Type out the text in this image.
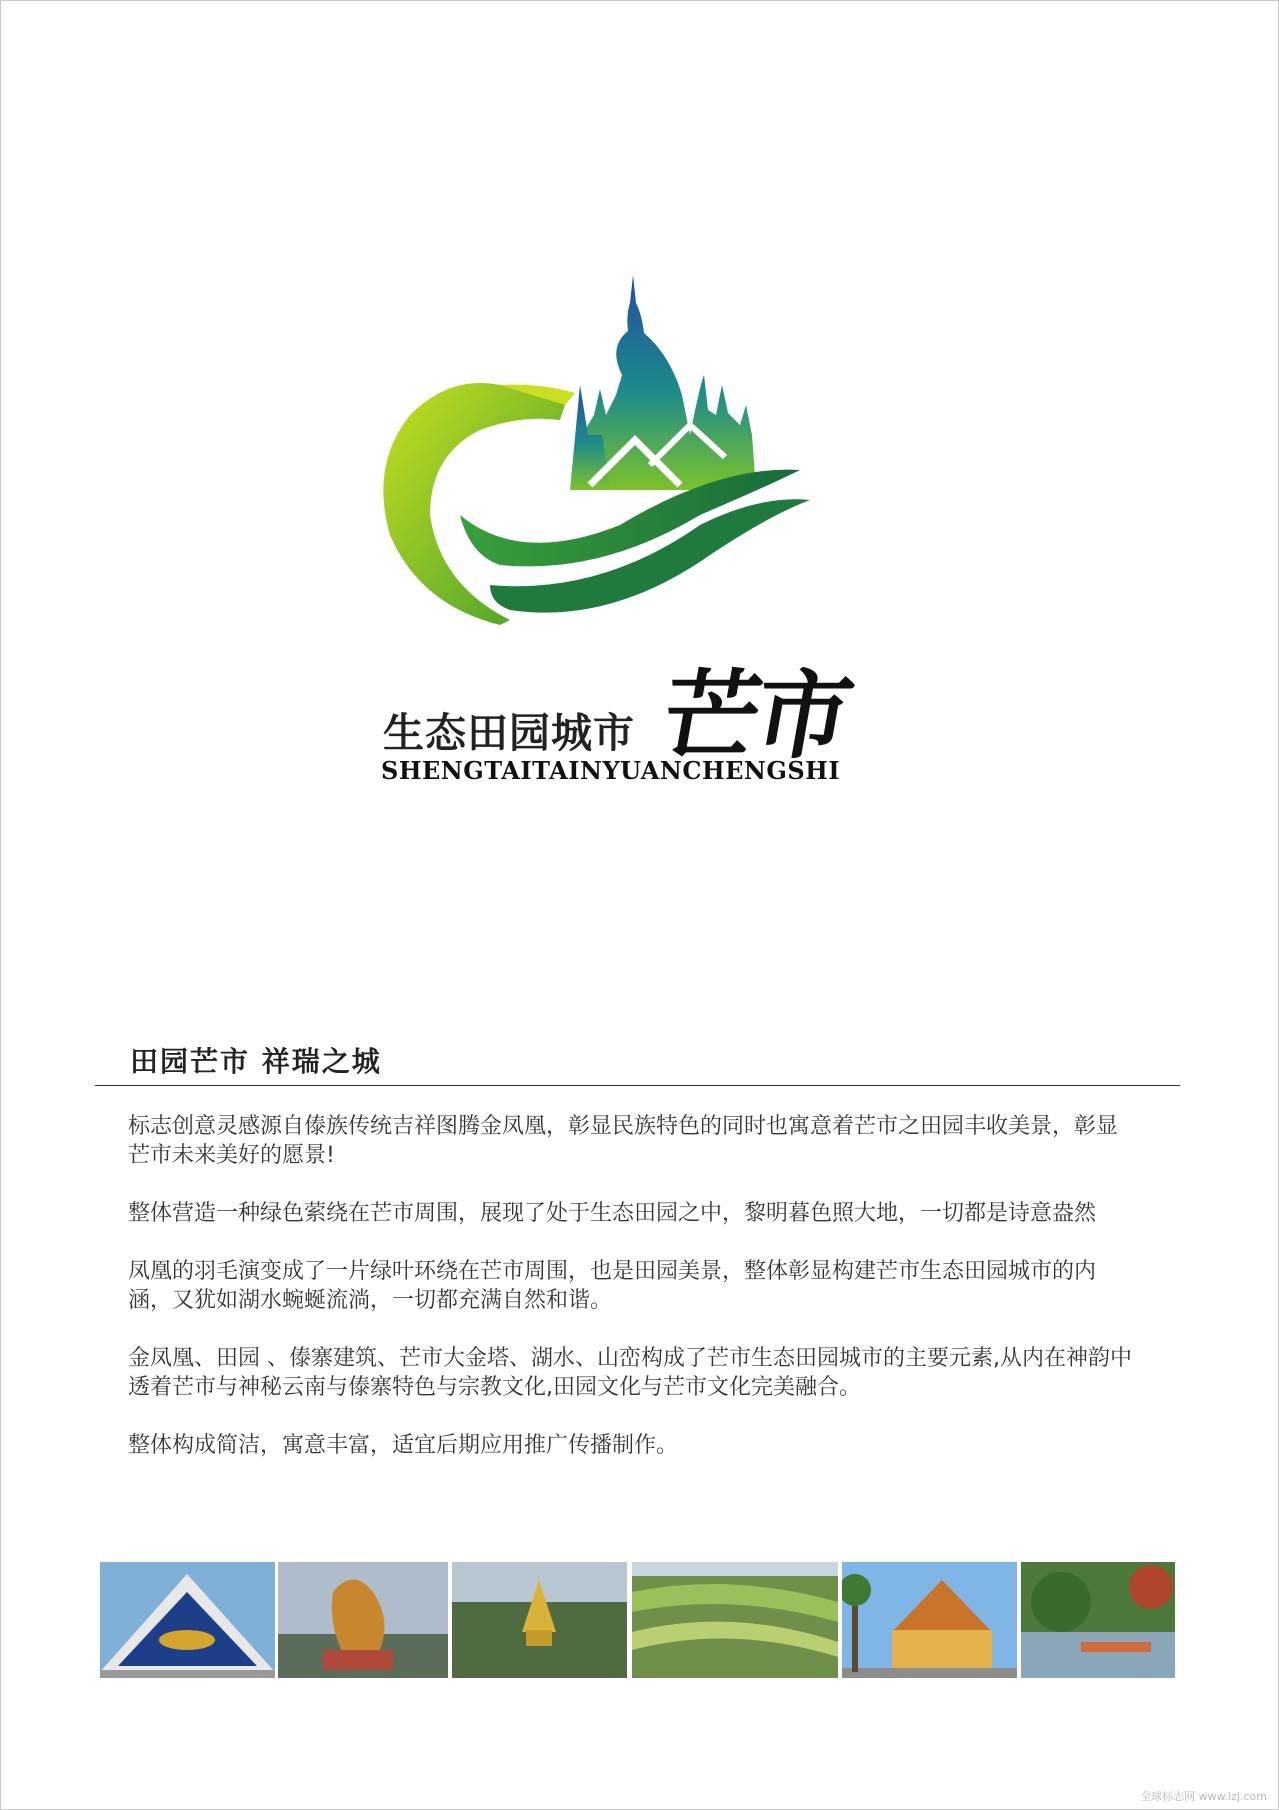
芒市
生态田园城市
SHENGTAITAINYUANCHENGSHI
田园芒市 祥瑞之城

标志创意灵感源自傣族传统吉祥图腾金凤凰，彰显民族特色的同时也寓意着芒市之田园丰收美景，彰显芒市未来美好的愿景!

整体营造一种绿色萦绕在芒市周围，展现了处于生态田园之中，黎明暮色照大地，一切都是诗意盎然

凤凰的羽毛演变成了一片绿叶环绕在芒市周围，也是田园美景，整体彰显构建芒市生态田园城市的内涵，又犹如湖水蜿蜒流淌，一切都充满自然和谐。

金凤凰、田园 、傣寨建筑、芒市大金塔、湖水、山峦构成了芒市生态田园城市的主要元素,从内在神韵中透着芒市与神秘云南与傣寨特色与宗教文化,田园文化与芒市文化完美融合。

整体构成简洁，寓意丰富，适宜后期应用推广传播制作。

全球标志网 www.lzj.com
